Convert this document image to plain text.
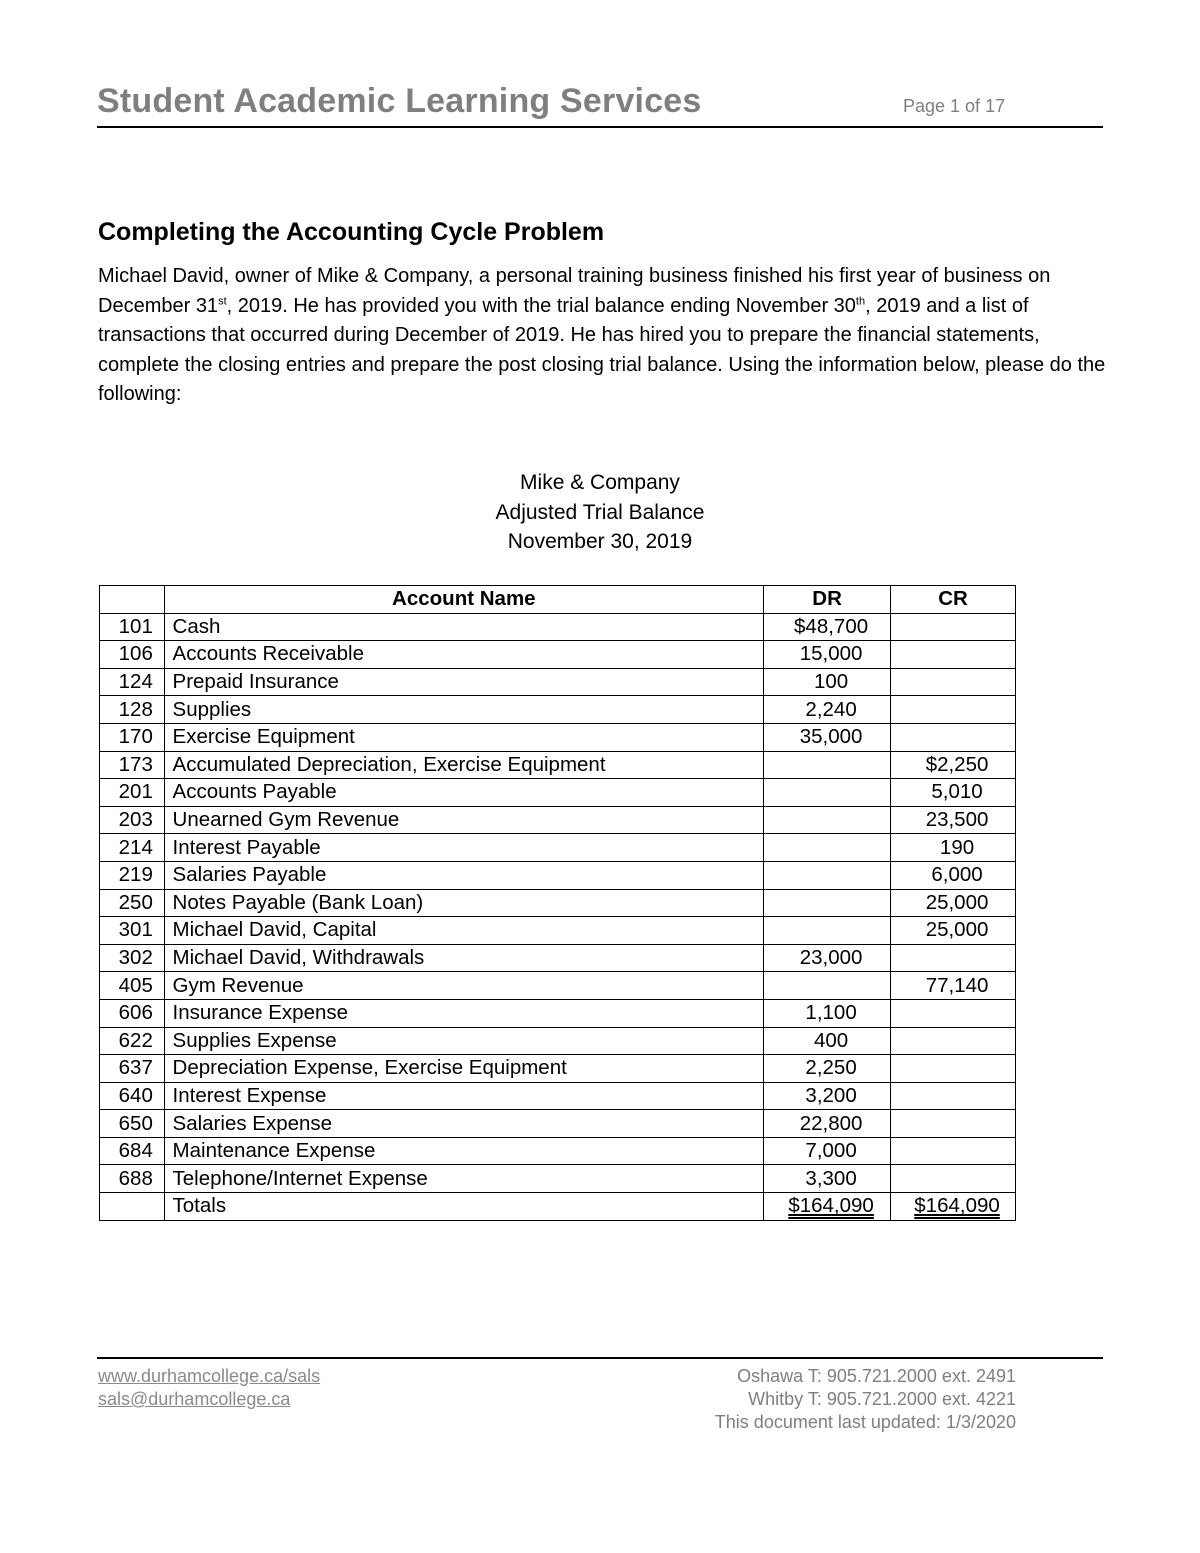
Student Academic Learning Services	Page 1 of 17
Completing the Accounting Cycle Problem

Michael David, owner of Mike & Company, a personal training business finished his first year of business on December 31st, 2019. He has provided you with the trial balance ending November 30th, 2019 and a list of transactions that occurred during December of 2019. He has hired you to prepare the financial statements, complete the closing entries and prepare the post closing trial balance. Using the information below, please do the following:

Mike & Company
Adjusted Trial Balance
November 30, 2019
	Account Name	DR	CR
101	Cash	$48,700	
106	Accounts Receivable	15,000	
124	Prepaid Insurance	100	
128	Supplies	2,240	
170	Exercise Equipment	35,000	
173	Accumulated Depreciation, Exercise Equipment		$2,250
201	Accounts Payable		5,010
203	Unearned Gym Revenue		23,500
214	Interest Payable		190
219	Salaries Payable		6,000
250	Notes Payable (Bank Loan)		25,000
301	Michael David, Capital		25,000
302	Michael David, Withdrawals	23,000	
405	Gym Revenue		77,140
606	Insurance Expense	1,100	
622	Supplies Expense	400	
637	Depreciation Expense, Exercise Equipment	2,250	
640	Interest Expense	3,200	
650	Salaries Expense	22,800	
684	Maintenance Expense	7,000	
688	Telephone/Internet Expense	3,300	
	Totals	$164,090	$164,090
www.durhamcollege.ca/sals
sals@durhamcollege.ca
Oshawa T: 905.721.2000 ext. 2491
Whitby T: 905.721.2000 ext. 4221
This document last updated: 1/3/2020
